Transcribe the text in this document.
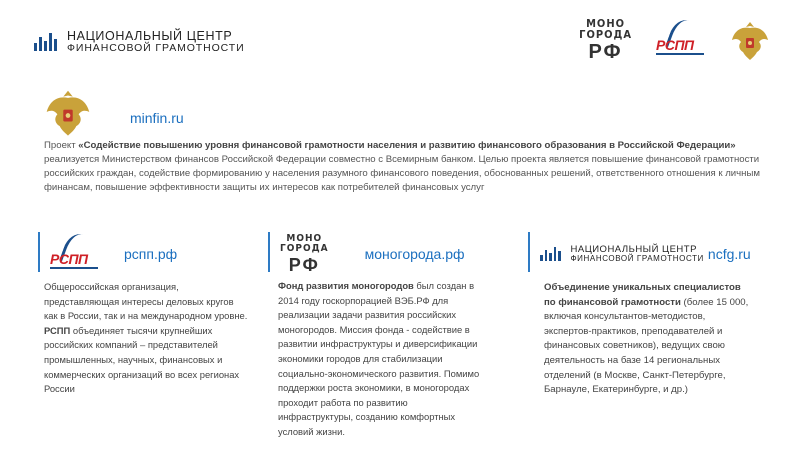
НАЦИОНАЛЬНЫЙ ЦЕНТР
ФИНАНСОВОЙ ГРАМОТНОСТИ
МОНО
ГОРОДА
РФ РСПП
minfin.ru
Проект «Содействие повышению уровня финансовой грамотности населения и развитию финансового образования в Российской Федерации» реализуется Министерством финансов Российской Федерации совместно с Всемирным банком. Целью проекта является повышение финансовой грамотности российских граждан, содействие формированию у населения разумного финансового поведения, обоснованных решений, ответственного отношения к личным финансам, повышение эффективности защиты их интересов как потребителей финансовых услуг
РСПП	рспп.рф
Общероссийская организация, представляющая интересы деловых кругов как в России, так и на международном уровне. РСПП объединяет тысячи крупнейших российских компаний – представителей промышленных, научных, финансовых и коммерческих организаций во всех регионах России
МОНО
ГОРОДА
РФ
моногорода.рф
Фонд развития моногородов был создан в 2014 году госкорпорацией ВЭБ.РФ для реализации задачи развития российских моногородов. Миссия фонда - содействие в развитии инфраструктуры и диверсификации экономики городов для стабилизации социально-экономического развития. Помимо поддержки роста экономики, в моногородах проходит работа по развитию инфраструктуры, созданию комфортных условий жизни.
НАЦИОНАЛЬНЫЙ ЦЕНТР
ФИНАНСОВОЙ ГРАМОТНОСТИ ncfg.ru
Объединение уникальных специалистов по финансовой грамотности (более 15 000, включая консультантов-методистов, экспертов-практиков, преподавателей и финансовых советников), ведущих свою деятельность на базе 14 региональных отделений (в Москве, Санкт-Петербурге, Барнауле, Екатеринбурге, и др.)
